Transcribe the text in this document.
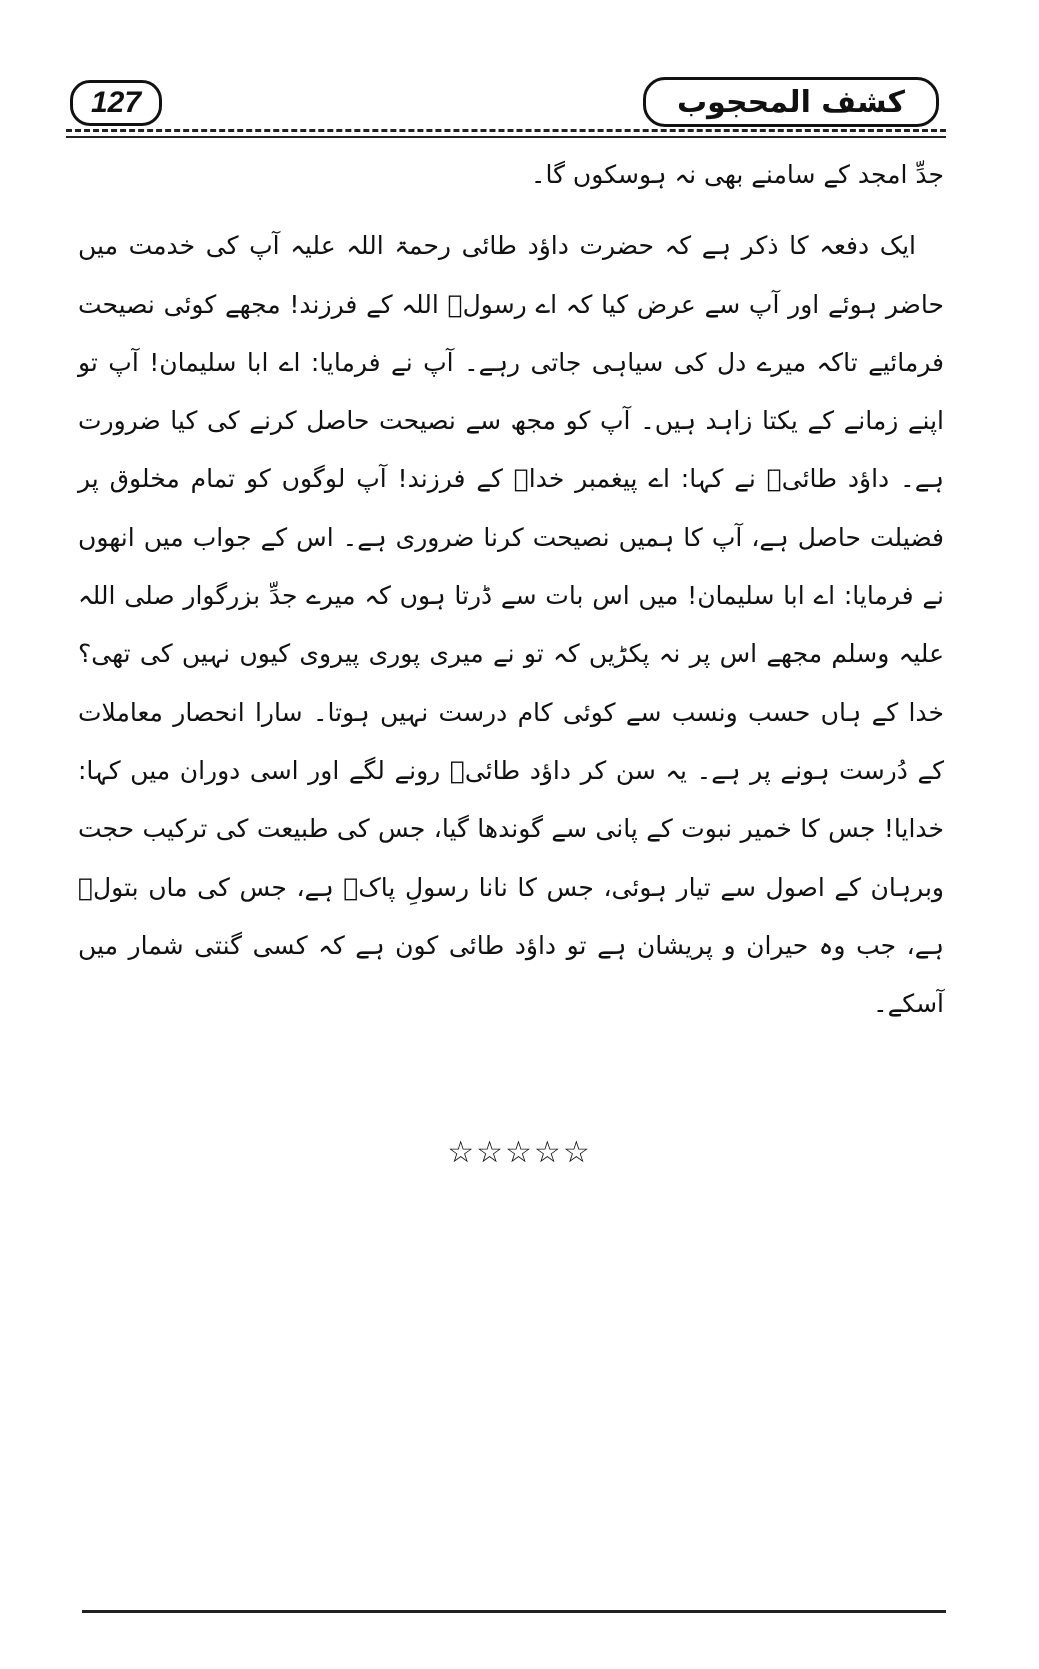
127	کشف المحجوب

جدِّ امجد کے سامنے بھی نہ ہوسکوں گا۔

ایک دفعہ کا ذکر ہے کہ حضرت داؤد طائی رحمۃ اللہ علیہ آپ کی خدمت میں حاضر ہوئے اور آپ سے عرض کیا کہ اے رسولؐ اللہ کے فرزند! مجھے کوئی نصیحت فرمائیے تاکہ میرے دل کی سیاہی جاتی رہے۔ آپ نے فرمایا: اے ابا سلیمان! آپ تو اپنے زمانے کے یکتا زاہد ہیں۔ آپ کو مجھ سے نصیحت حاصل کرنے کی کیا ضرورت ہے۔ داؤد طائیؒ نے کہا: اے پیغمبر خداؐ کے فرزند! آپ لوگوں کو تمام مخلوق پر فضیلت حاصل ہے، آپ کا ہمیں نصیحت کرنا ضروری ہے۔ اس کے جواب میں انھوں نے فرمایا: اے ابا سلیمان! میں اس بات سے ڈرتا ہوں کہ میرے جدِّ بزرگوار صلی اللہ علیہ وسلم مجھے اس پر نہ پکڑیں کہ تو نے میری پوری پیروی کیوں نہیں کی تھی؟ خدا کے ہاں حسب ونسب سے کوئی کام درست نہیں ہوتا۔ سارا انحصار معاملات کے دُرست ہونے پر ہے۔ یہ سن کر داؤد طائیؒ رونے لگے اور اسی دوران میں کہا: خدایا! جس کا خمیر نبوت کے پانی سے گوندھا گیا، جس کی طبیعت کی ترکیب حجت وبرہان کے اصول سے تیار ہوئی، جس کا نانا رسولِ پاکؐ ہے، جس کی ماں بتولؓ ہے، جب وہ حیران و پریشان ہے تو داؤد طائی کون ہے کہ کسی گنتی شمار میں آسکے۔

☆☆☆☆☆
